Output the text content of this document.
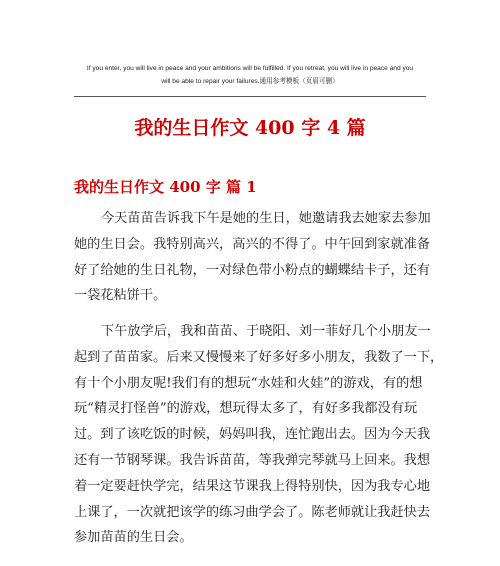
If you enter, you will live in peace and your ambitions will be fulfilled. If you retreat, you will live in peace and you
will be able to repair your failures.通用参考模板（页眉可删）
我的生日作文 400 字 4 篇
我的生日作文 400 字 篇 1
今天苗苗告诉我下午是她的生日，她邀请我去她家去参加
她的生日会。我特别高兴，高兴的不得了。中午回到家就准备
好了给她的生日礼物，一对绿色带小粉点的蝴蝶结卡子，还有
一袋花粘饼干。
下午放学后，我和苗苗、于晓阳、刘一菲好几个小朋友一
起到了苗苗家。后来又慢慢来了好多好多小朋友，我数了一下，
有十个小朋友呢!我们有的想玩“水娃和火娃”的游戏，有的想
玩“精灵打怪兽”的游戏，想玩得太多了，有好多我都没有玩
过。到了该吃饭的时候，妈妈叫我，连忙跑出去。因为今天我
还有一节钢琴课。我告诉苗苗，等我弹完琴就马上回来。我想
着一定要赶快学完，结果这节课我上得特别快，因为我专心地
上课了，一次就把该学的练习曲学会了。陈老师就让我赶快去
参加苗苗的生日会。
